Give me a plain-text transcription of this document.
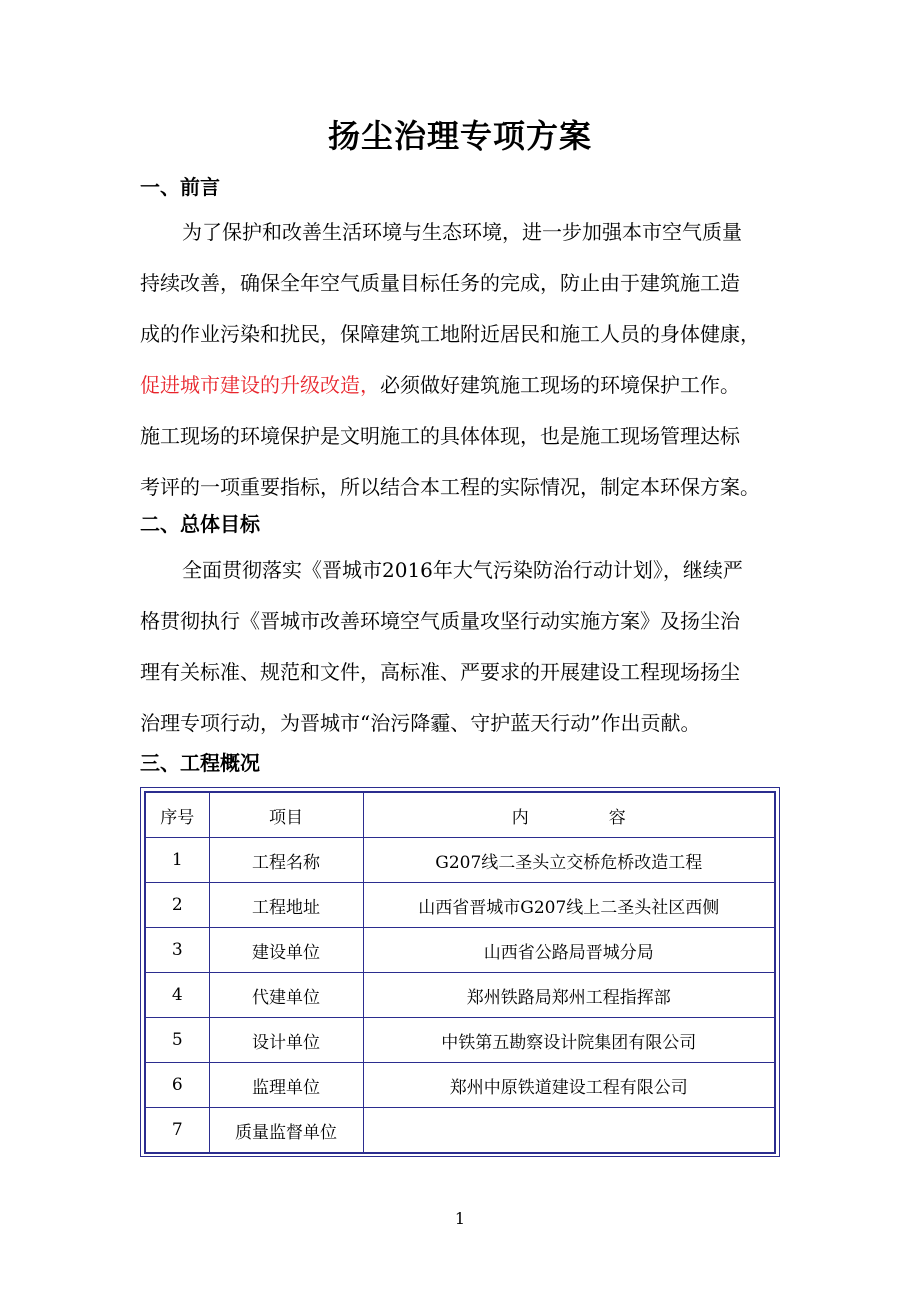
扬尘治理专项方案
一、前言
为了保护和改善生活环境与生态环境，进一步加强本市空气质量
持续改善，确保全年空气质量目标任务的完成，防止由于建筑施工造
成的作业污染和扰民，保障建筑工地附近居民和施工人员的身体健康，
促进城市建设的升级改造，必须做好建筑施工现场的环境保护工作。
施工现场的环境保护是文明施工的具体体现，也是施工现场管理达标
考评的一项重要指标，所以结合本工程的实际情况，制定本环保方案。
二、总体目标
全面贯彻落实《晋城市2016年大气污染防治行动计划》，继续严
格贯彻执行《晋城市改善环境空气质量攻坚行动实施方案》及扬尘治
理有关标准、规范和文件，高标准、严要求的开展建设工程现场扬尘
治理专项行动，为晋城市“治污降霾、守护蓝天行动”作出贡献。
三、工程概况
序号	项目	内 容
1	工程名称	G207线二圣头立交桥危桥改造工程
2	工程地址	山西省晋城市G207线上二圣头社区西侧
3	建设单位	山西省公路局晋城分局
4	代建单位	郑州铁路局郑州工程指挥部
5	设计单位	中铁第五勘察设计院集团有限公司
6	监理单位	郑州中原铁道建设工程有限公司
7	质量监督单位	
1
